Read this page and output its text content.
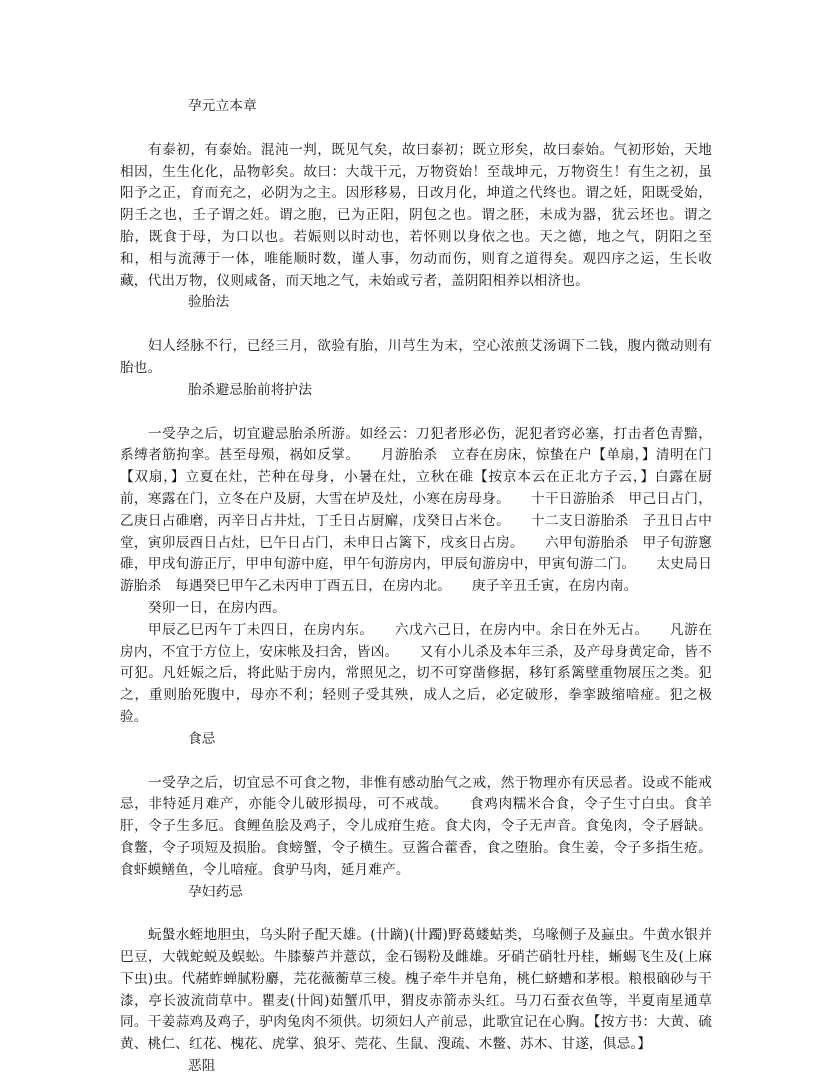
孕元立本章

有泰初，有泰始。混沌一判，既见气矣，故曰泰初；既立形矣，故曰泰始。气初形始，天地相因，生生化化，品物彰矣。故曰：大哉干元，万物资始！至哉坤元，万物资生！有生之初，虽阳予之正，育而充之，必阴为之主。因形移易，日改月化，坤道之代终也。谓之妊，阳既受始，阴壬之也，壬子谓之妊。谓之胞，已为正阳，阴包之也。谓之胚，未成为器，犹云坯也。谓之胎，既食于母，为口以也。若娠则以时动也，若怀则以身依之也。天之德，地之气，阴阳之至和，相与流薄于一体，唯能顺时数，谨人事，勿动而伤，则育之道得矣。观四序之运，生长收藏，代出万物，仪则咸备，而天地之气，未始或亏者，盖阴阳相养以相济也。

验胎法

妇人经脉不行，已经三月，欲验有胎，川芎生为末，空心浓煎艾汤调下二钱，腹内微动则有胎也。

胎杀避忌胎前将护法

一受孕之后，切宜避忌胎杀所游。如经云：刀犯者形必伤，泥犯者窍必塞，打击者色青黯，系缚者筋拘挛。甚至母殒，祸如反掌。　　月游胎杀　立春在房床，惊蛰在户【单扇，】清明在门【双扇，】立夏在灶，芒种在母身，小暑在灶，立秋在碓【按京本云在正北方子云，】白露在厨前，寒露在门，立冬在户及厨，大雪在垆及灶，小寒在房母身。　　十干日游胎杀　甲己日占门，乙庚日占碓磨，丙辛日占井灶，丁壬日占厨廨，戊癸日占米仓。　　十二支日游胎杀　子丑日占中堂，寅卯辰酉日占灶，巳午日占门，未申日占篱下，戌亥日占房。　　六甲旬游胎杀　甲子旬游窻碓，甲戌旬游正厅，甲申旬游中庭，甲午旬游房内，甲辰旬游房中，甲寅旬游二门。　　太史局日游胎杀　每遇癸巳甲午乙未丙申丁酉五日，在房内北。　　庚子辛丑壬寅，在房内南。

癸卯一日，在房内西。

甲辰乙巳丙午丁未四日，在房内东。　　六戊六己日，在房内中。余日在外无占。　　凡游在房内，不宜于方位上，安床帐及扫舍，皆凶。　　又有小儿杀及本年三杀，及产母身黄定命，皆不可犯。凡妊娠之后，将此贴于房内，常照见之，切不可穿凿修据，移钉系篱壁重物展压之类。犯之，重则胎死腹中，母亦不利；轻则子受其殃，成人之后，必定破形，拳挛跛缩喑痖。犯之极验。

食忌

一受孕之后，切宜忌不可食之物，非惟有感动胎气之戒，然于物理亦有厌忌者。设或不能戒忌，非特延月难产，亦能令儿破形损母，可不戒哉。　　食鸡肉糯米合食，令子生寸白虫。食羊肝，令子生多厄。食鲤鱼脍及鸡子，令儿成疳生疮。食犬肉，令子无声音。食兔肉，令子唇缺。食鳖，令子项短及损胎。食螃蟹，令子横生。豆酱合藿香，食之堕胎。食生姜，令子多指生疮。食虾蟆鳝鱼，令儿喑痖。食驴马肉，延月难产。

孕妇药忌

蚖螌水蛭地胆虫，乌头附子配天雄。(卄蹢)(卄躅)野葛蝼蛄类，乌喙侧子及蝱虫。牛黄水银并巴豆，大戟蛇蜕及蜈蚣。牛膝藜芦并薏苡，金石锡粉及雌雄。牙硝芒硝牡丹桂，蜥蜴飞生及(上麻下虫)虫。代赭蚱蝉腻粉麝，芫花薇蘅草三棱。槐子牵牛并皂角，桃仁蛴螬和茅根。粮根硇砂与干漆，亭长波流茼草中。瞿麦(卄闾)茹蟹爪甲，猬皮赤箭赤头红。马刀石蚕衣鱼等，半夏南星通草同。干姜蒜鸡及鸡子，驴肉兔肉不须供。切须妇人产前忌，此歌宜记在心胸。【按方书：大黄、硫黄、桃仁、红花、槐花、虎掌、狼牙、莞花、生鼠、溲疏、木鳖、苏木、甘遂，俱忌。】

恶阻
